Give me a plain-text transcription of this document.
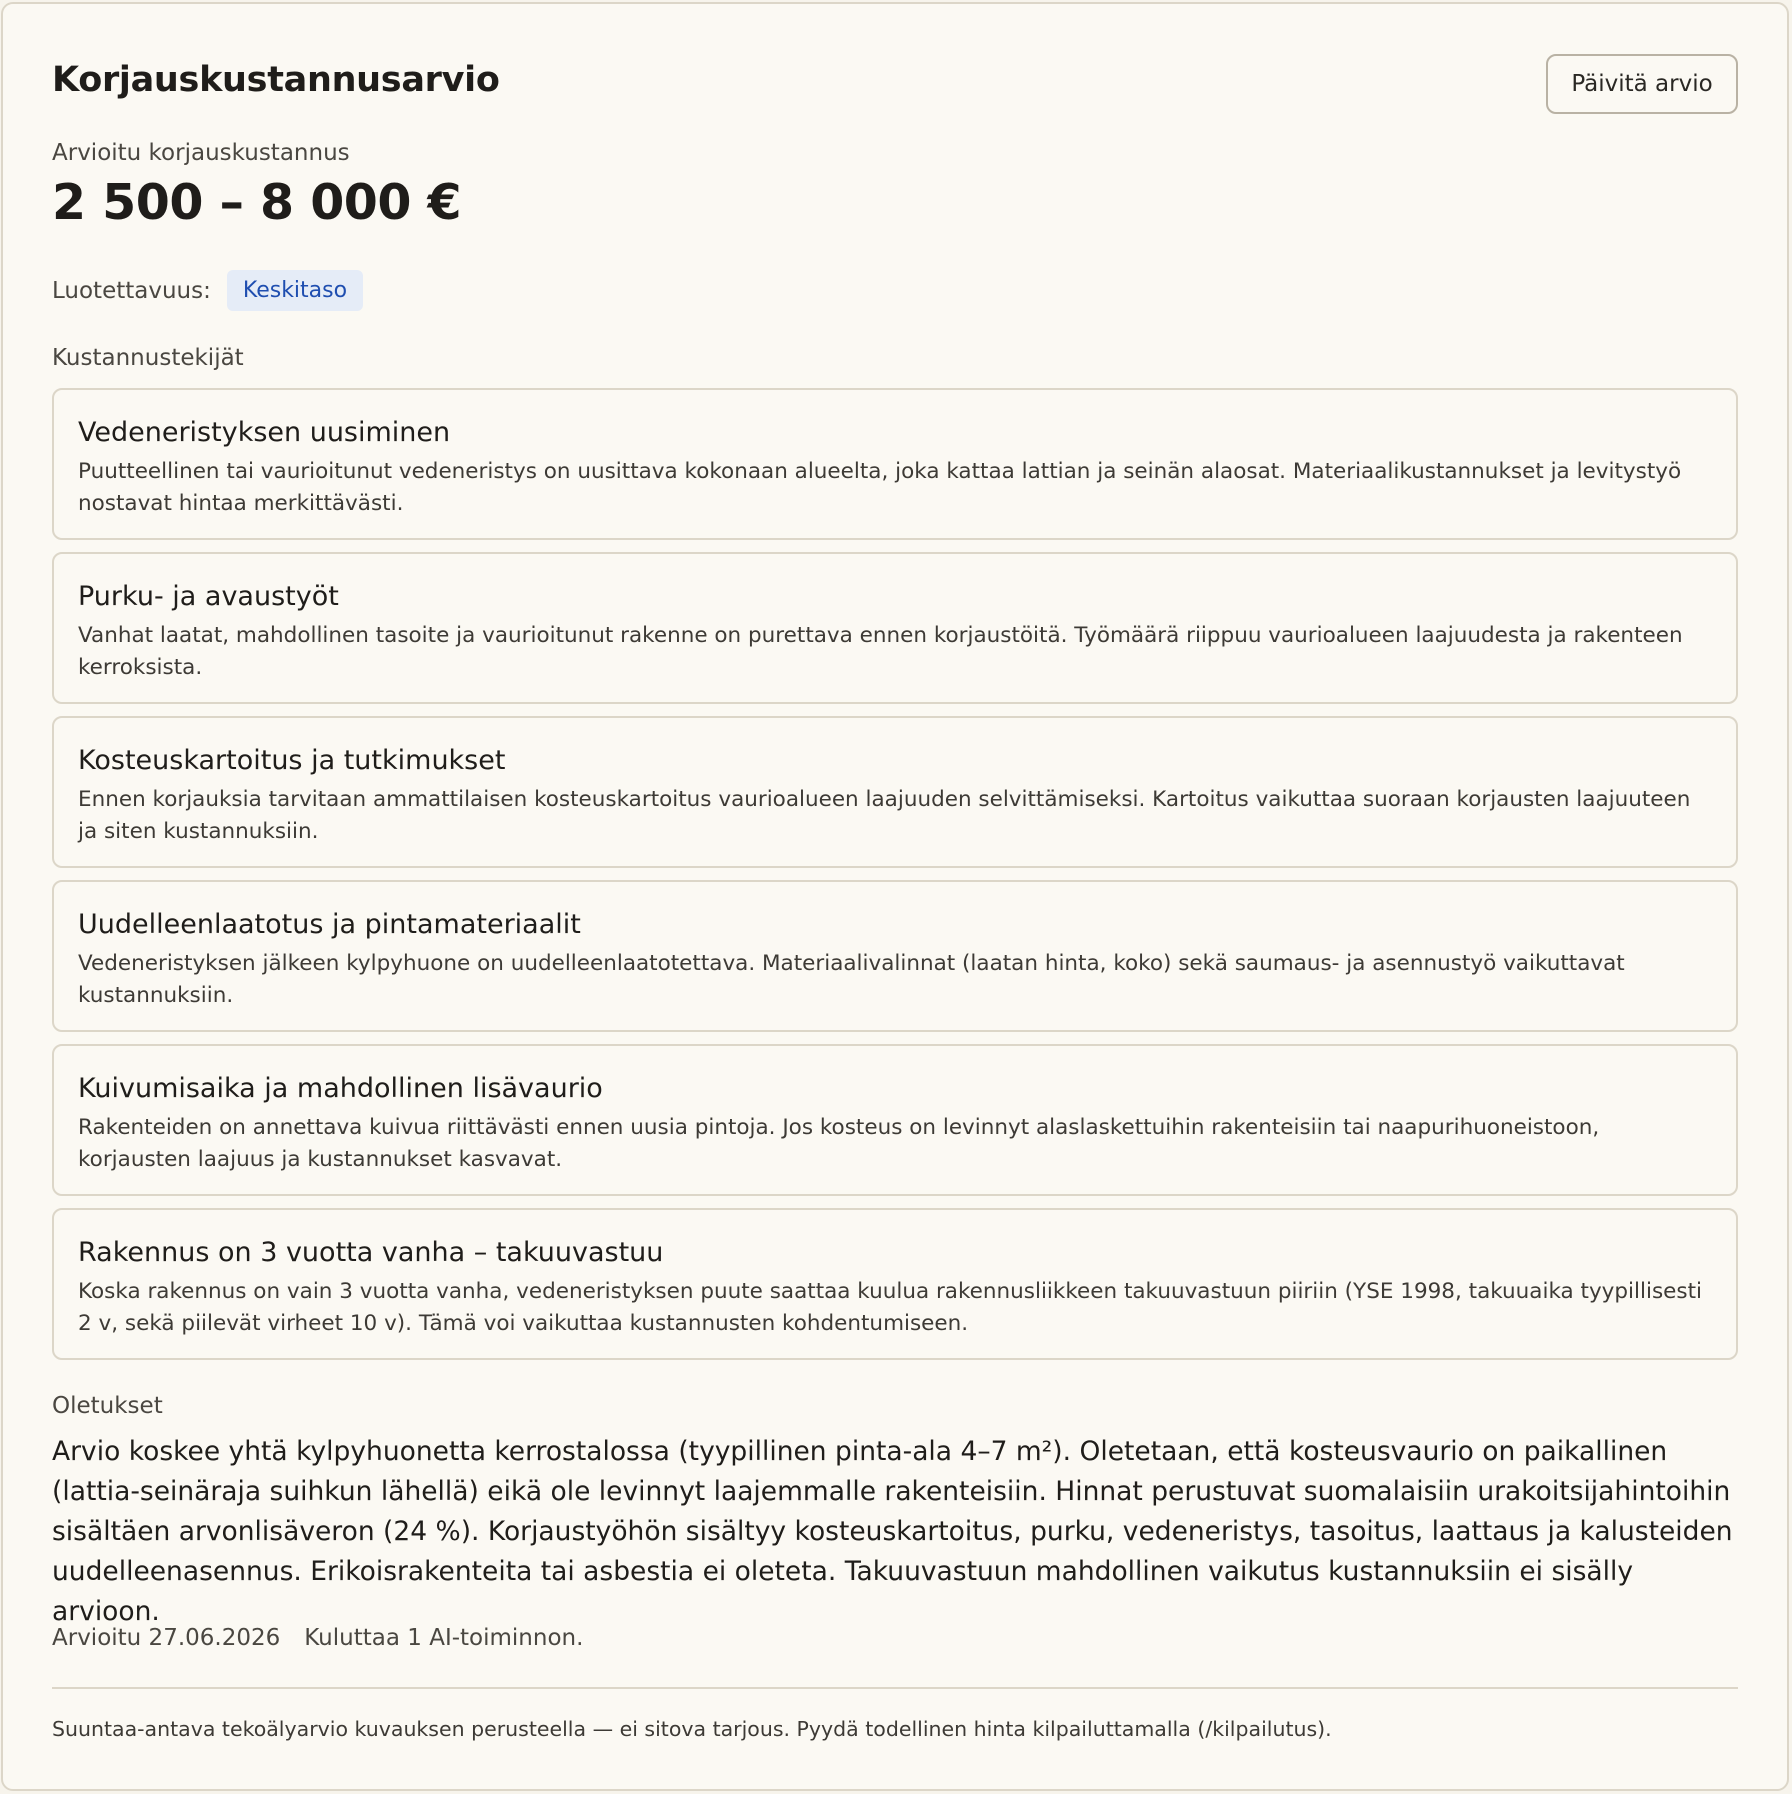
Korjauskustannusarvio	Päivitä arvio
Arvioitu korjauskustannus
2 500 – 8 000 €
Luotettavuus:	Keskitaso
Kustannustekijät
Vedeneristyksen uusiminen
Puutteellinen tai vaurioitunut vedeneristys on uusittava kokonaan alueelta, joka kattaa lattian ja seinän alaosat. Materiaalikustannukset ja levitystyö nostavat hintaa merkittävästi.
Purku- ja avaustyöt
Vanhat laatat, mahdollinen tasoite ja vaurioitunut rakenne on purettava ennen korjaustöitä. Työmäärä riippuu vaurioalueen laajuudesta ja rakenteen kerroksista.
Kosteuskartoitus ja tutkimukset
Ennen korjauksia tarvitaan ammattilaisen kosteuskartoitus vaurioalueen laajuuden selvittämiseksi. Kartoitus vaikuttaa suoraan korjausten laajuuteen ja siten kustannuksiin.
Uudelleenlaatotus ja pintamateriaalit
Vedeneristyksen jälkeen kylpyhuone on uudelleenlaatotettava. Materiaalivalinnat (laatan hinta, koko) sekä saumaus- ja asennustyö vaikuttavat kustannuksiin.
Kuivumisaika ja mahdollinen lisävaurio
Rakenteiden on annettava kuivua riittävästi ennen uusia pintoja. Jos kosteus on levinnyt alaslaskettuihin rakenteisiin tai naapurihuoneistoon, korjausten laajuus ja kustannukset kasvavat.
Rakennus on 3 vuotta vanha – takuuvastuu
Koska rakennus on vain 3 vuotta vanha, vedeneristyksen puute saattaa kuulua rakennusliikkeen takuuvastuun piiriin (YSE 1998, takuuaika tyypillisesti 2 v, sekä piilevät virheet 10 v). Tämä voi vaikuttaa kustannusten kohdentumiseen.
Oletukset
Arvio koskee yhtä kylpyhuonetta kerrostalossa (tyypillinen pinta-ala 4–7 m²). Oletetaan, että kosteusvaurio on paikallinen (lattia-seinäraja suihkun lähellä) eikä ole levinnyt laajemmalle rakenteisiin. Hinnat perustuvat suomalaisiin urakoitsijahintoihin sisältäen arvonlisäveron (24 %). Korjaustyöhön sisältyy kosteuskartoitus, purku, vedeneristys, tasoitus, laattaus ja kalusteiden uudelleenasennus. Erikoisrakenteita tai asbestia ei oleteta. Takuuvastuun mahdollinen vaikutus kustannuksiin ei sisälly arvioon.
Arvioitu 27.06.2026 Kuluttaa 1 AI-toiminnon.
Suuntaa-antava tekoälyarvio kuvauksen perusteella — ei sitova tarjous. Pyydä todellinen hinta kilpailuttamalla (/kilpailutus).
